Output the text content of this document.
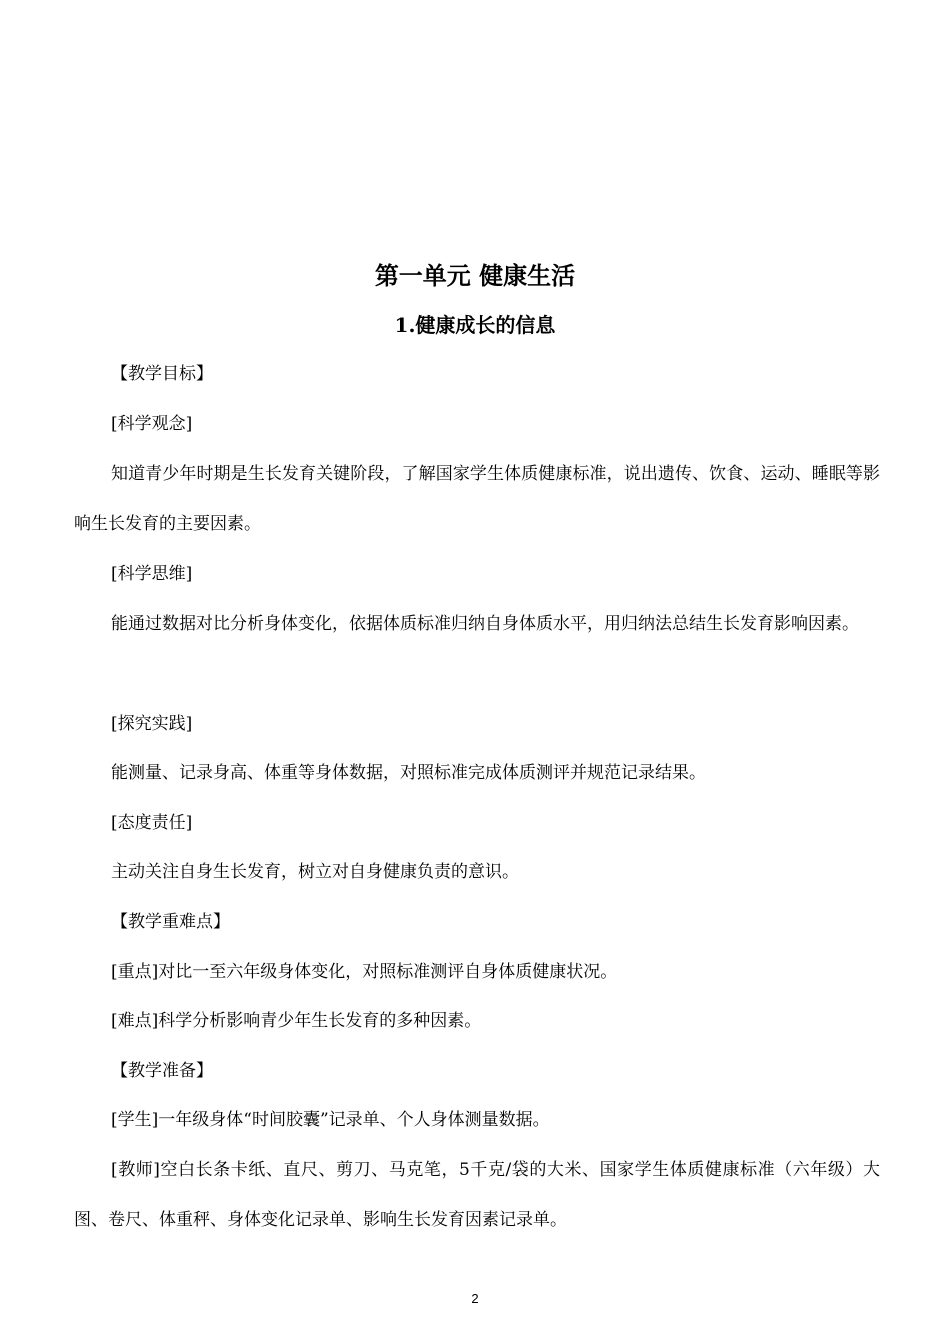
第一单元 健康生活
1.健康成长的信息

【教学目标】

[科学观念]

知道青少年时期是生长发育关键阶段，了解国家学生体质健康标准，说出遗传、饮食、运动、睡眠等影响生长发育的主要因素。

[科学思维]

能通过数据对比分析身体变化，依据体质标准归纳自身体质水平，用归纳法总结生长发育影响因素。

[探究实践]

能测量、记录身高、体重等身体数据，对照标准完成体质测评并规范记录结果。

[态度责任]

主动关注自身生长发育，树立对自身健康负责的意识。

【教学重难点】

[重点]对比一至六年级身体变化，对照标准测评自身体质健康状况。

[难点]科学分析影响青少年生长发育的多种因素。

【教学准备】

[学生]一年级身体“时间胶囊”记录单、个人身体测量数据。

[教师]空白长条卡纸、直尺、剪刀、马克笔，5千克/袋的大米、国家学生体质健康标准（六年级）大图、卷尺、体重秤、身体变化记录单、影响生长发育因素记录单。

2
